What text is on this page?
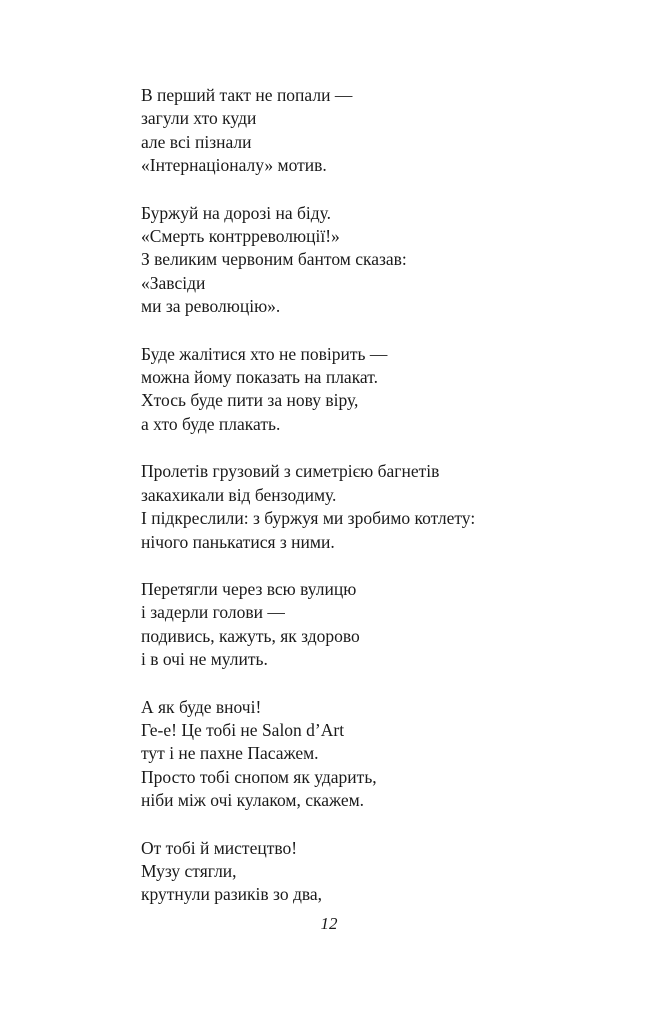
В перший такт не попали —
загули хто куди
але всі пізнали
«Інтернаціоналу» мотив.
Буржуй на дорозі на біду.
«Смерть контрреволюції!»
З великим червоним бантом сказав:
«Завсіди
ми за революцію».
Буде жалітися хто не повірить —
можна йому показать на плакат.
Хтось буде пити за нову віру,
а хто буде плакать.
Пролетів грузовий з симетрією багнетів
закахикали від бензодиму.
І підкреслили: з буржуя ми зробимо котлету:
нічого панькатися з ними.
Перетягли через всю вулицю
і задерли голови —
подивись, кажуть, як здорово
і в очі не мулить.
А як буде вночі!
Ге-е! Це тобі не Salon d’Art
тут і не пахне Пасажем.
Просто тобі снопом як ударить,
ніби між очі кулаком, скажем.
От тобі й мистецтво!
Музу стягли,
крутнули разиків зо два,
12
